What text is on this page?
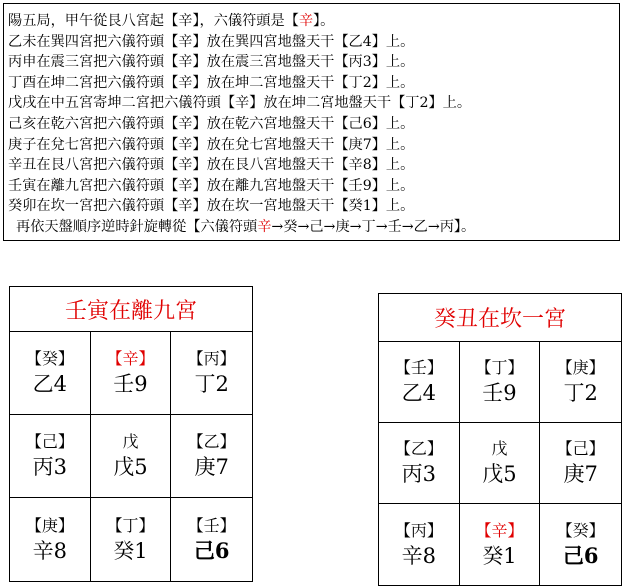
陽五局，甲午從艮八宮起【辛】，六儀符頭是【辛】。
乙未在巽四宮把六儀符頭【辛】放在巽四宮地盤天干【乙4】上。
丙申在震三宮把六儀符頭【辛】放在震三宮地盤天干【丙3】上。
丁酉在坤二宮把六儀符頭【辛】放在坤二宮地盤天干【丁2】上。
戊戌在中五宮寄坤二宮把六儀符頭【辛】放在坤二宮地盤天干【丁2】上。
己亥在乾六宮把六儀符頭【辛】放在乾六宮地盤天干【己6】上。
庚子在兌七宮把六儀符頭【辛】放在兌七宮地盤天干【庚7】上。
辛丑在艮八宮把六儀符頭【辛】放在艮八宮地盤天干【辛8】上。
壬寅在離九宮把六儀符頭【辛】放在離九宮地盤天干【壬9】上。
癸卯在坎一宮把六儀符頭【辛】放在坎一宮地盤天干【癸1】上。
再依天盤順序逆時針旋轉從【六儀符頭辛→癸→己→庚→丁→壬→乙→丙】。
壬寅在離九宮
【癸】
乙4
【辛】
壬9
【丙】
丁2
【己】
丙3
戊
戊5
【乙】
庚7
【庚】
辛8
【丁】
癸1
【壬】
己6
癸丑在坎一宮
【壬】
乙4
【丁】
壬9
【庚】
丁2
【乙】
丙3
戊
戊5
【己】
庚7
【丙】
辛8
【辛】
癸1
【癸】
己6
